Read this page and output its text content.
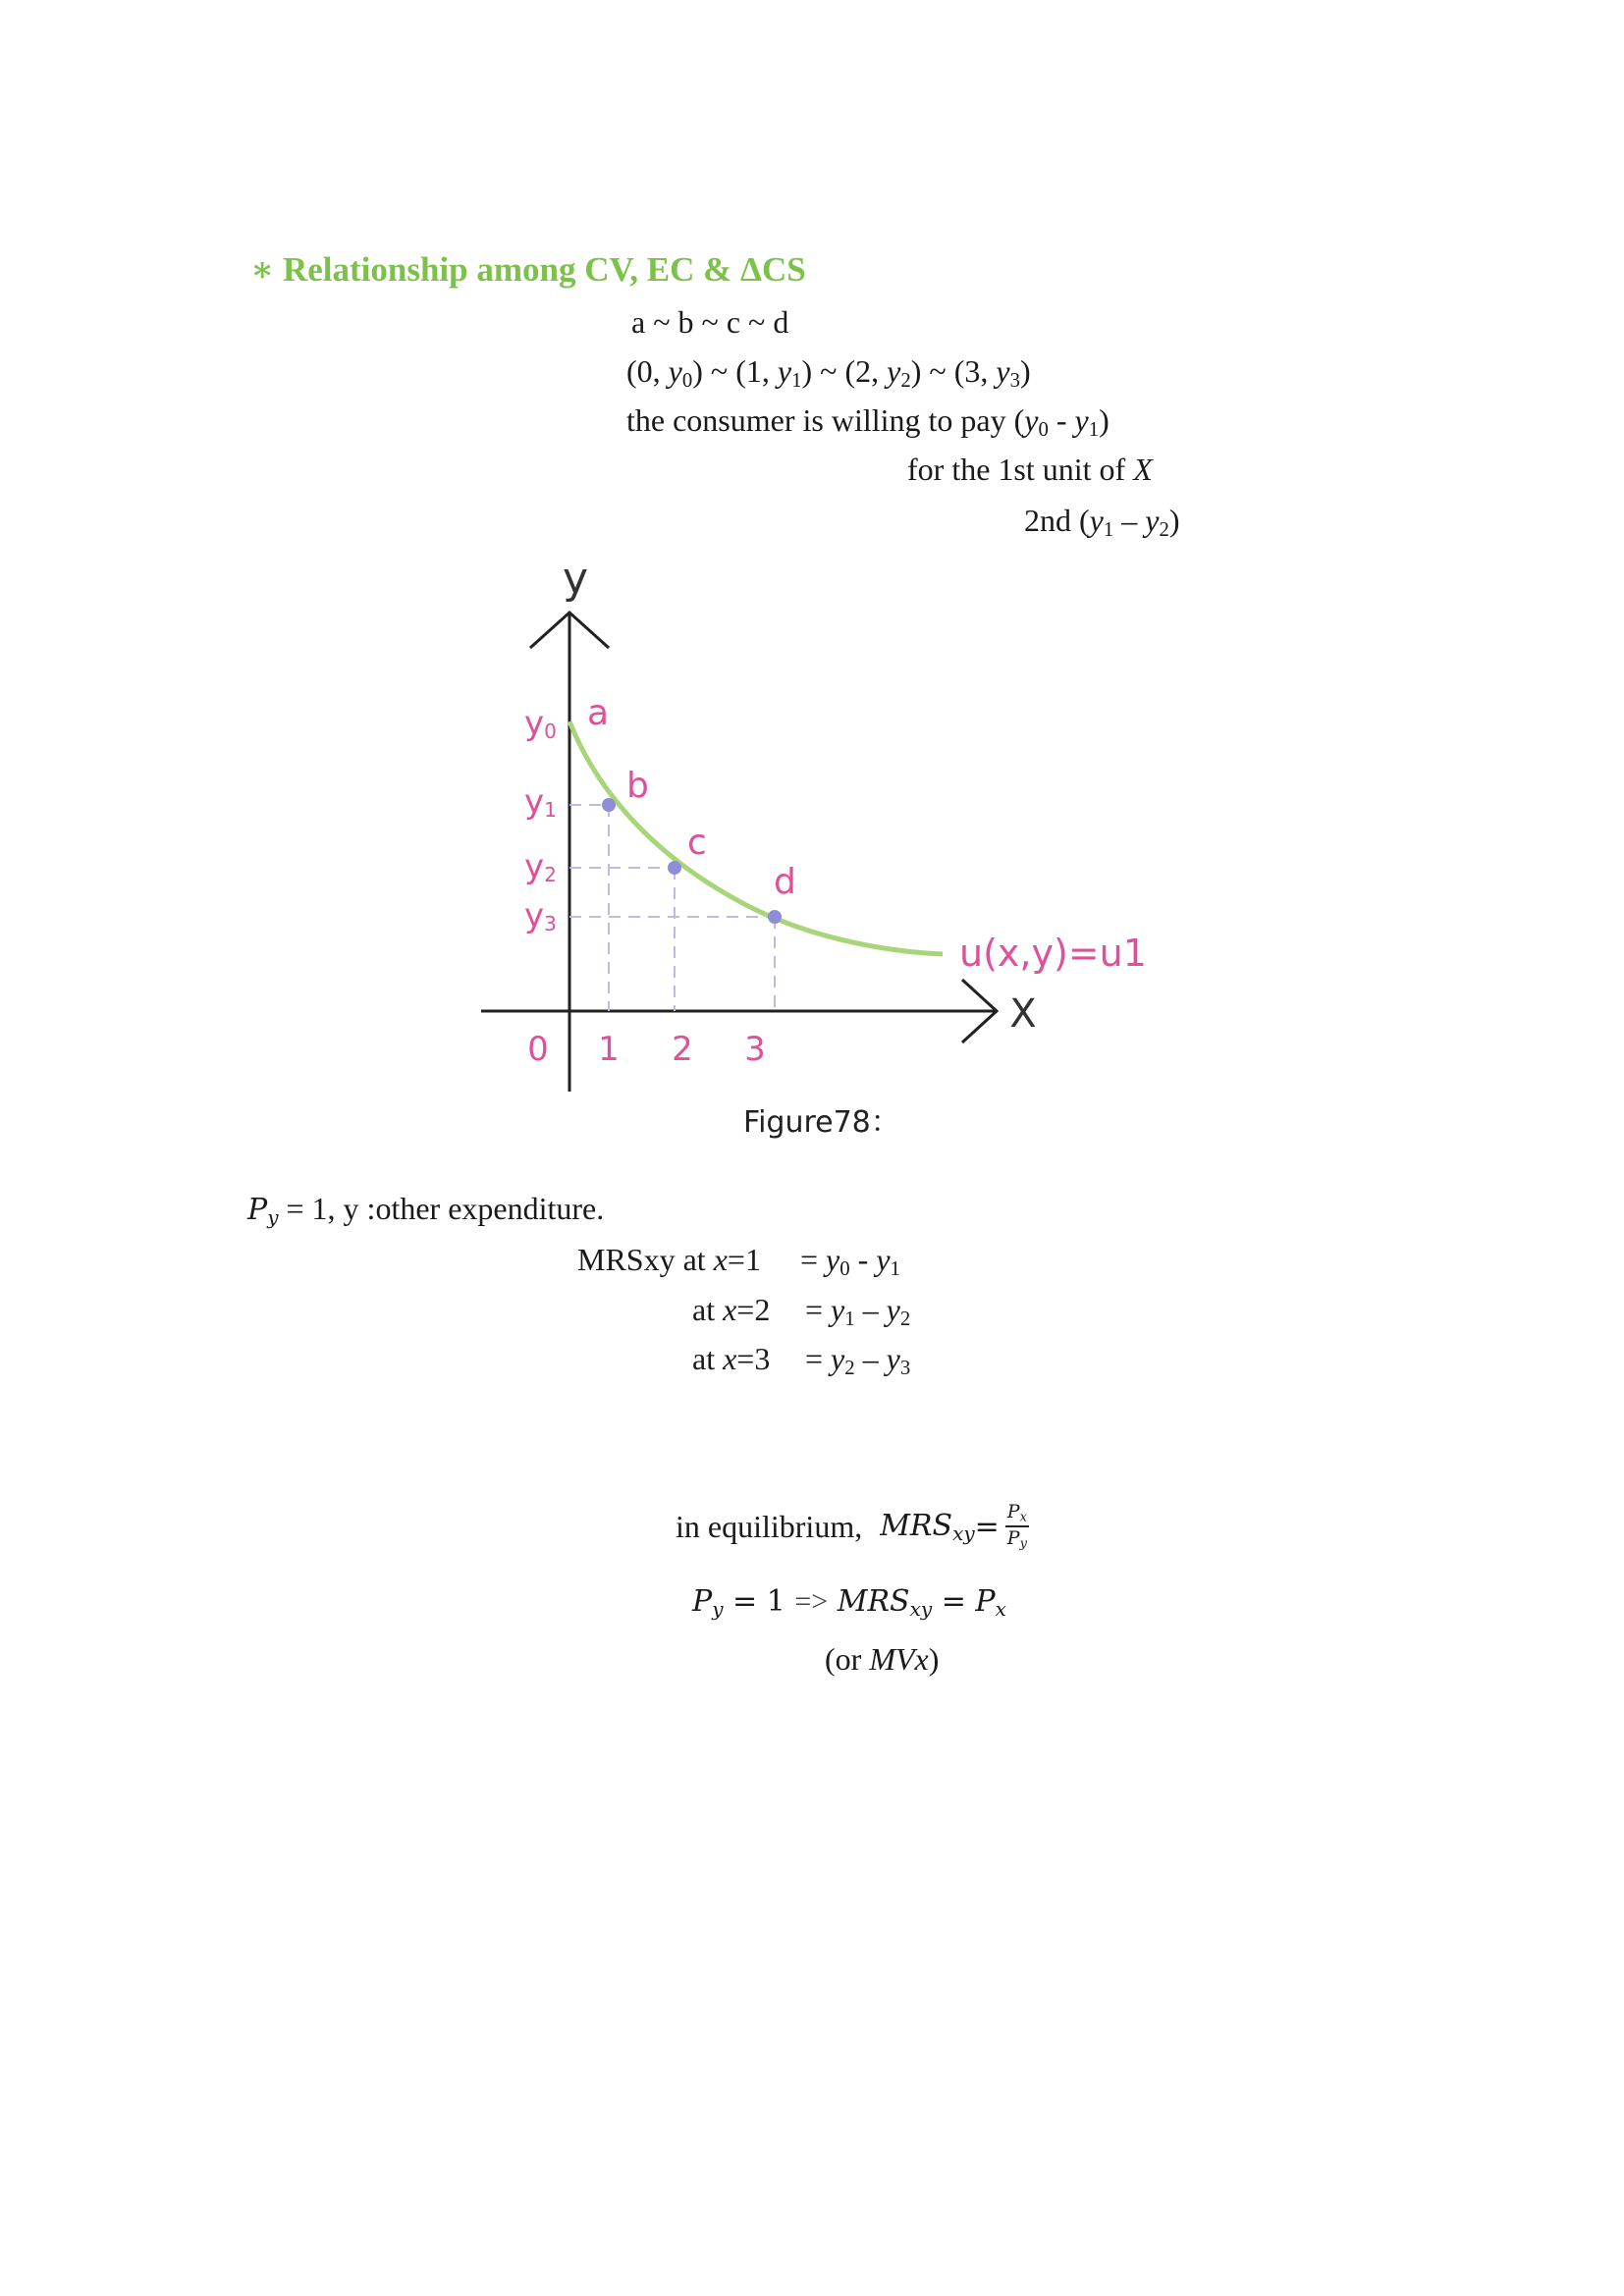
∗ Relationship among CV, EC & ΔCS
a ~ b ~ c ~ d
(0, $y_0$) ~ (1, $y_1$) ~ (2, $y_2$) ~ (3, $y_3$)
the consumer is willing to pay $(y_0 - y_1)$
for the 1st unit of X
2nd $(y_1 - y_2)$
y
X
y0
y1
y2
y3
0 1 2 3
a
b
c
d
u(x,y)=u1
Figure78：
$P_y = 1$, y :other expenditure.
MRSxy at $x=1 = y_0 - y_1$
at $x=2 = y_1 - y_2$
at $x=3 = y_2 - y_3$
in equilibrium, $MRS_{xy} = \frac{P_x}{P_y}$
$P_y = 1 => MRS_{xy} = P_x$
(or MVx)
